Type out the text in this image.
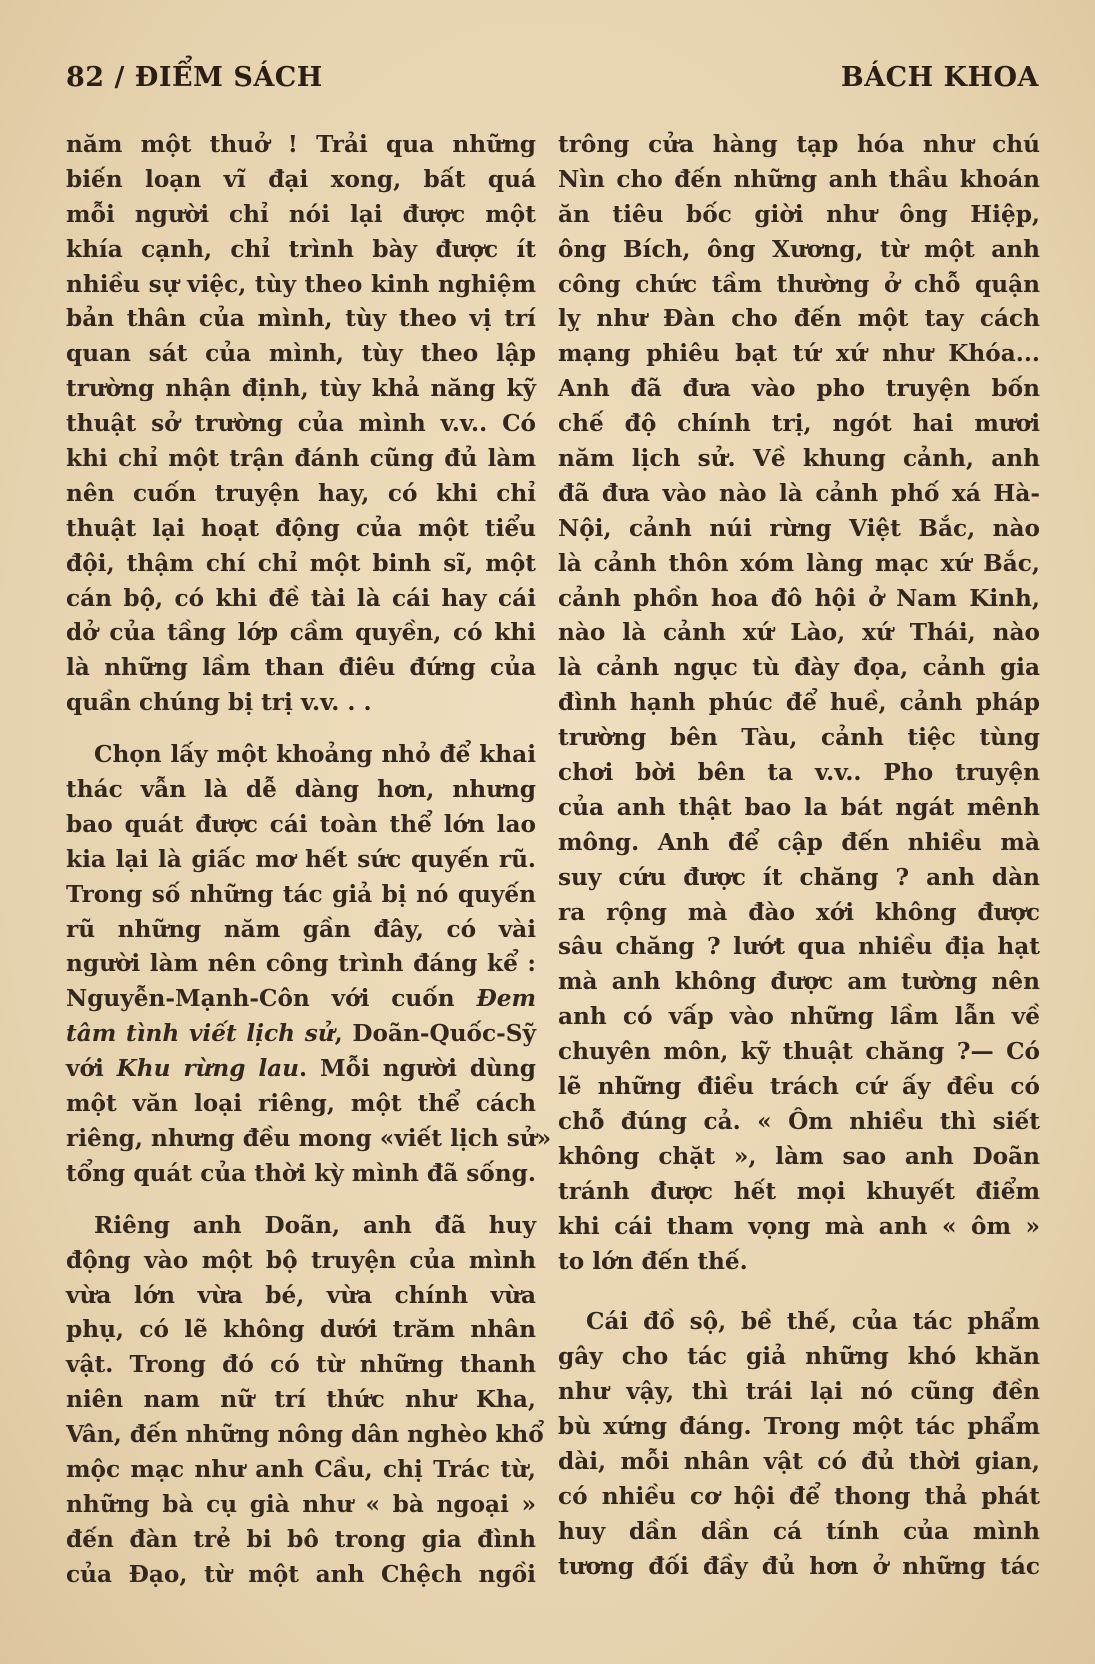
82 / ĐIỂM SÁCH	BÁCH KHOA
năm một thuở ! Trải qua những
biến loạn vĩ đại xong, bất quá
mỗi người chỉ nói lại được một
khía cạnh, chỉ trình bày được ít
nhiều sự việc, tùy theo kinh nghiệm
bản thân của mình, tùy theo vị trí
quan sát của mình, tùy theo lập
trường nhận định, tùy khả năng kỹ
thuật sở trường của mình v.v.. Có
khi chỉ một trận đánh cũng đủ làm
nên cuốn truyện hay, có khi chỉ
thuật lại hoạt động của một tiểu
đội, thậm chí chỉ một binh sĩ, một
cán bộ, có khi đề tài là cái hay cái
dở của tầng lớp cầm quyền, có khi
là những lầm than điêu đứng của
quần chúng bị trị v.v. . .
Chọn lấy một khoảng nhỏ để khai
thác vẫn là dễ dàng hơn, nhưng
bao quát được cái toàn thể lớn lao
kia lại là giấc mơ hết sức quyến rũ.
Trong số những tác giả bị nó quyến
rũ những năm gần đây, có vài
người làm nên công trình đáng kể :
Nguyễn-Mạnh-Côn với cuốn Đem
tâm tình viết lịch sử, Doãn-Quốc-Sỹ
với Khu rừng lau. Mỗi người dùng
một văn loại riêng, một thể cách
riêng, nhưng đều mong «viết lịch sử»
tổng quát của thời kỳ mình đã sống.
Riêng anh Doãn, anh đã huy
động vào một bộ truyện của mình
vừa lớn vừa bé, vừa chính vừa
phụ, có lẽ không dưới trăm nhân
vật. Trong đó có từ những thanh
niên nam nữ trí thức như Kha,
Vân, đến những nông dân nghèo khổ
mộc mạc như anh Cầu, chị Trác từ,
những bà cụ già như « bà ngoại »
đến đàn trẻ bi bô trong gia đình
của Đạo, từ một anh Chệch ngồi
trông cửa hàng tạp hóa như chú
Nìn cho đến những anh thầu khoán
ăn tiêu bốc giời như ông Hiệp,
ông Bích, ông Xương, từ một anh
công chức tầm thường ở chỗ quận
lỵ như Đàn cho đến một tay cách
mạng phiêu bạt tứ xứ như Khóa...
Anh đã đưa vào pho truyện bốn
chế độ chính trị, ngót hai mươi
năm lịch sử. Về khung cảnh, anh
đã đưa vào nào là cảnh phố xá Hà-
Nội, cảnh núi rừng Việt Bắc, nào
là cảnh thôn xóm làng mạc xứ Bắc,
cảnh phồn hoa đô hội ở Nam Kinh,
nào là cảnh xứ Lào, xứ Thái, nào
là cảnh ngục tù đày đọa, cảnh gia
đình hạnh phúc để huề, cảnh pháp
trường bên Tàu, cảnh tiệc tùng
chơi bời bên ta v.v.. Pho truyện
của anh thật bao la bát ngát mênh
mông. Anh để cập đến nhiều mà
suy cứu được ít chăng ? anh dàn
ra rộng mà đào xới không được
sâu chăng ? lướt qua nhiều địa hạt
mà anh không được am tường nên
anh có vấp vào những lầm lẫn về
chuyên môn, kỹ thuật chăng ?— Có
lẽ những điều trách cứ ấy đều có
chỗ đúng cả. « Ôm nhiều thì siết
không chặt », làm sao anh Doãn
tránh được hết mọi khuyết điểm
khi cái tham vọng mà anh « ôm »
to lớn đến thế.
Cái đồ sộ, bề thế, của tác phẩm
gây cho tác giả những khó khăn
như vậy, thì trái lại nó cũng đền
bù xứng đáng. Trong một tác phẩm
dài, mỗi nhân vật có đủ thời gian,
có nhiều cơ hội để thong thả phát
huy dần dần cá tính của mình
tương đối đầy đủ hơn ở những tác
